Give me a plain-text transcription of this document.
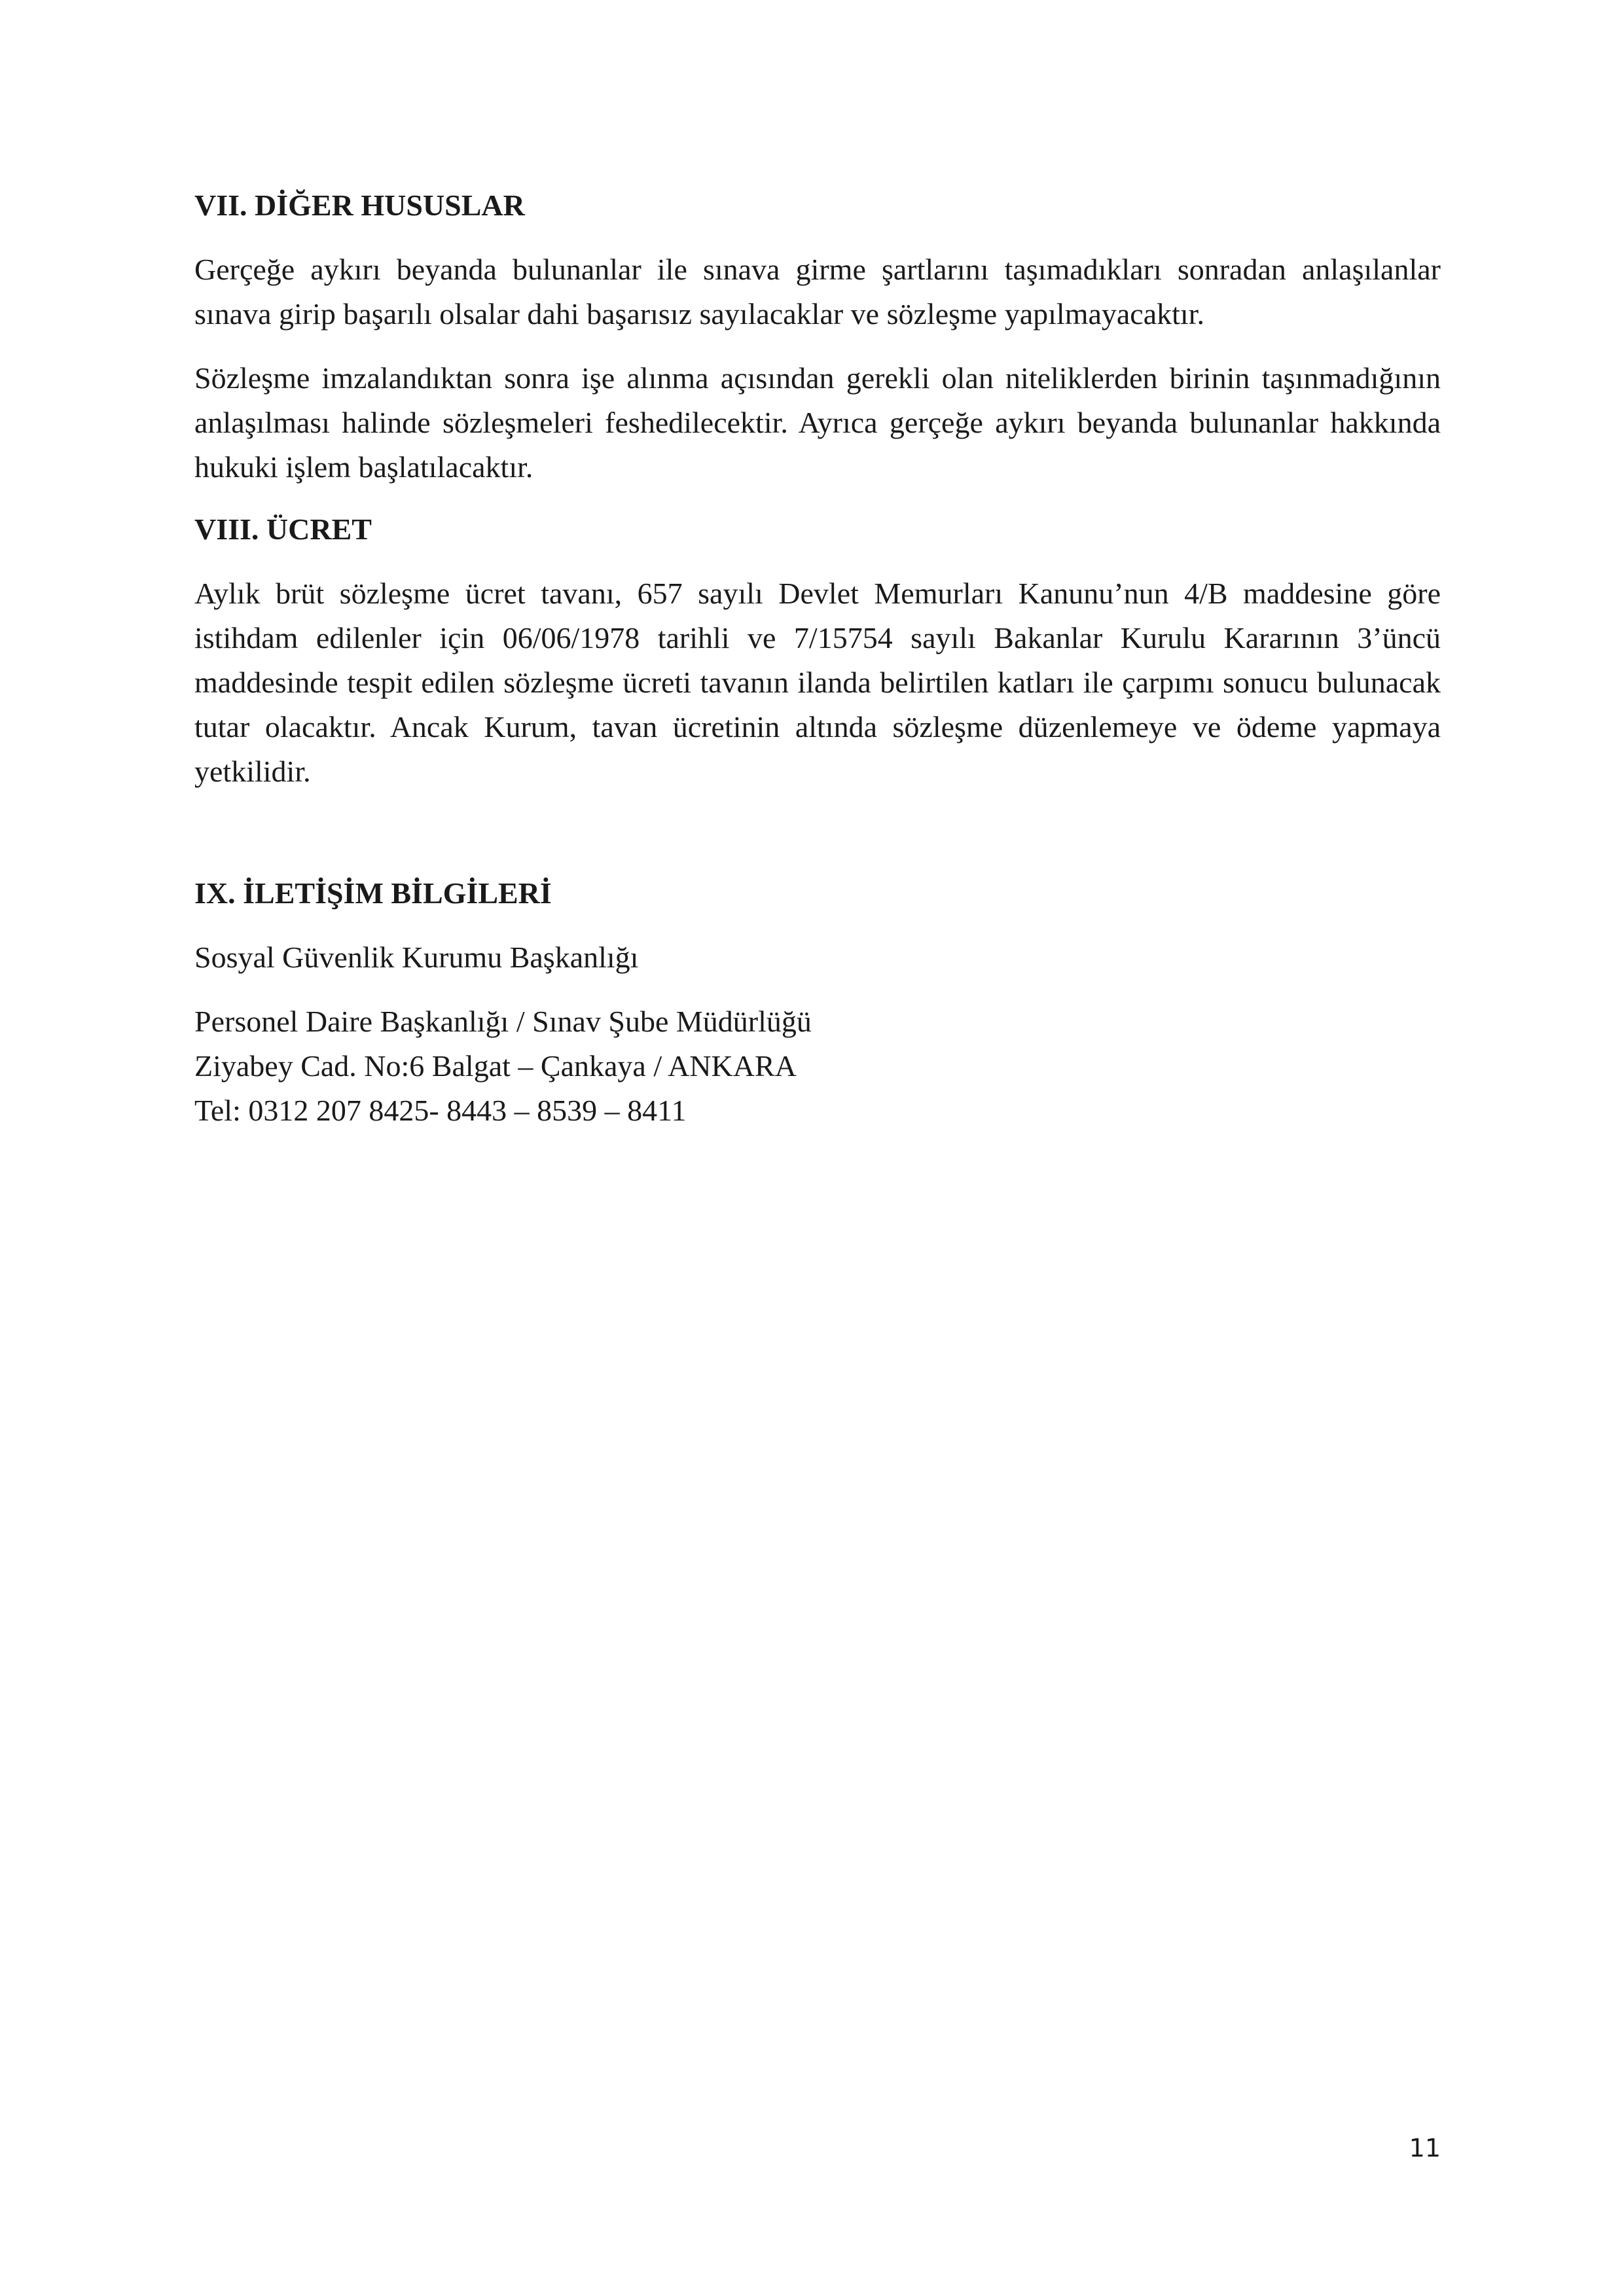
VII. DİĞER HUSUSLAR

Gerçeğe aykırı beyanda bulunanlar ile sınava girme şartlarını taşımadıkları sonradan anlaşılanlar sınava girip başarılı olsalar dahi başarısız sayılacaklar ve sözleşme yapılmayacaktır.

Sözleşme imzalandıktan sonra işe alınma açısından gerekli olan niteliklerden birinin taşınmadığının anlaşılması halinde sözleşmeleri feshedilecektir. Ayrıca gerçeğe aykırı beyanda bulunanlar hakkında hukuki işlem başlatılacaktır.

VIII. ÜCRET

Aylık brüt sözleşme ücret tavanı, 657 sayılı Devlet Memurları Kanunu’nun 4/B maddesine göre istihdam edilenler için 06/06/1978 tarihli ve 7/15754 sayılı Bakanlar Kurulu Kararının 3’üncü maddesinde tespit edilen sözleşme ücreti tavanın ilanda belirtilen katları ile çarpımı sonucu bulunacak tutar olacaktır. Ancak Kurum, tavan ücretinin altında sözleşme düzenlemeye ve ödeme yapmaya yetkilidir.

IX. İLETİŞİM BİLGİLERİ

Sosyal Güvenlik Kurumu Başkanlığı

Personel Daire Başkanlığı / Sınav Şube Müdürlüğü

Ziyabey Cad. No:6 Balgat – Çankaya / ANKARA

Tel: 0312 207 8425- 8443 – 8539 – 8411

11
